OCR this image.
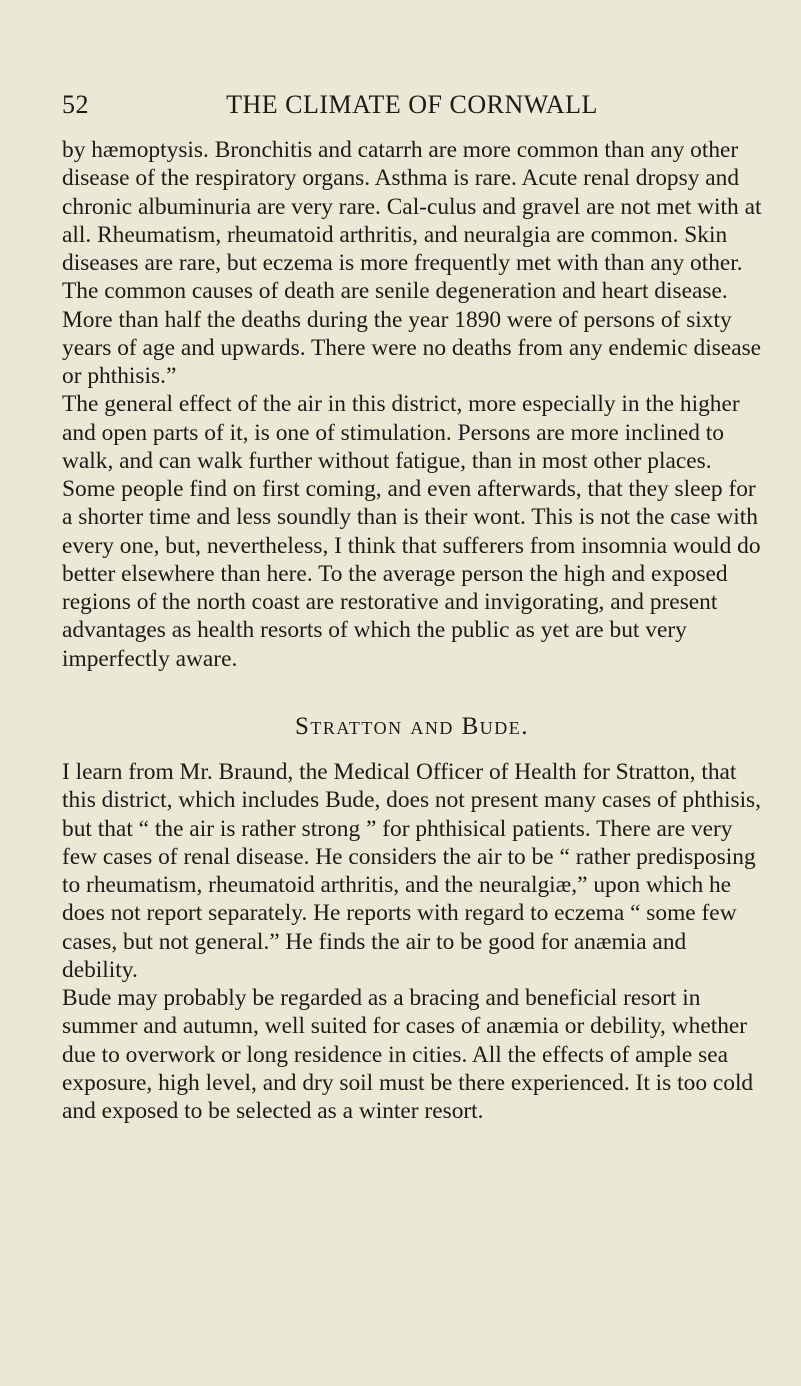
52	THE CLIMATE OF CORNWALL

by hæmoptysis. Bronchitis and catarrh are more common than any other disease of the respiratory organs. Asthma is rare. Acute renal dropsy and chronic albuminuria are very rare. Cal-culus and gravel are not met with at all. Rheumatism, rheumatoid arthritis, and neuralgia are common. Skin diseases are rare, but eczema is more frequently met with than any other. The common causes of death are senile degeneration and heart disease. More than half the deaths during the year 1890 were of persons of sixty years of age and upwards. There were no deaths from any endemic disease or phthisis.”

The general effect of the air in this district, more especially in the higher and open parts of it, is one of stimulation. Persons are more inclined to walk, and can walk further without fatigue, than in most other places. Some people find on first coming, and even afterwards, that they sleep for a shorter time and less soundly than is their wont. This is not the case with every one, but, nevertheless, I think that sufferers from insomnia would do better elsewhere than here. To the average person the high and exposed regions of the north coast are restorative and invigorating, and present advantages as health resorts of which the public as yet are but very imperfectly aware.

Stratton and Bude.

I learn from Mr. Braund, the Medical Officer of Health for Stratton, that this district, which includes Bude, does not present many cases of phthisis, but that “ the air is rather strong ” for phthisical patients. There are very few cases of renal disease. He considers the air to be “ rather predisposing to rheumatism, rheumatoid arthritis, and the neuralgiæ,” upon which he does not report separately. He reports with regard to eczema “ some few cases, but not general.” He finds the air to be good for anæmia and debility.

Bude may probably be regarded as a bracing and beneficial resort in summer and autumn, well suited for cases of anæmia or debility, whether due to overwork or long residence in cities. All the effects of ample sea exposure, high level, and dry soil must be there experienced. It is too cold and exposed to be selected as a winter resort.
